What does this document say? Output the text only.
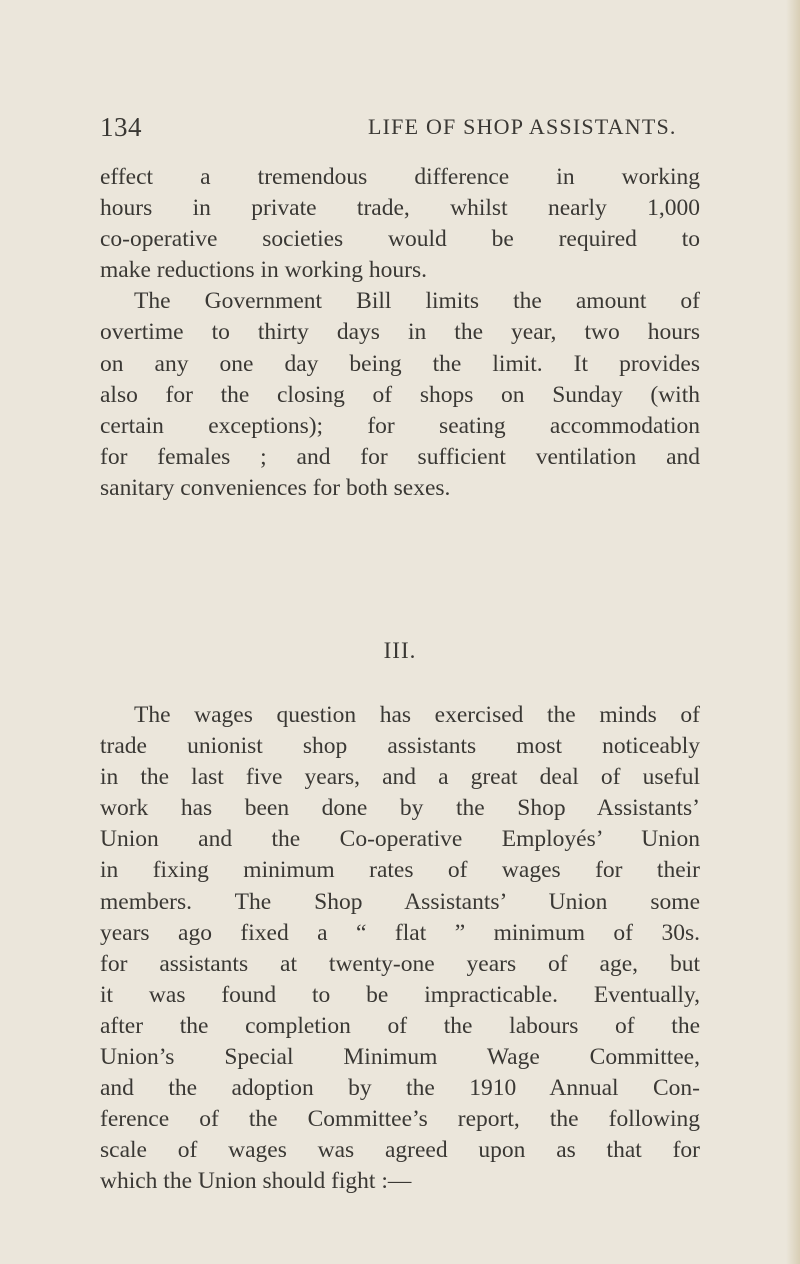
134	LIFE OF SHOP ASSISTANTS.
effect a tremendous difference in working
hours in private trade, whilst nearly 1,000
co-operative societies would be required to
make reductions in working hours.
The Government Bill limits the amount of
overtime to thirty days in the year, two hours
on any one day being the limit. It provides
also for the closing of shops on Sunday (with
certain exceptions); for seating accommodation
for females ; and for sufficient ventilation and
sanitary conveniences for both sexes.
III.
The wages question has exercised the minds of
trade unionist shop assistants most noticeably
in the last five years, and a great deal of useful
work has been done by the Shop Assistants’
Union and the Co-operative Employés’ Union
in fixing minimum rates of wages for their
members. The Shop Assistants’ Union some
years ago fixed a “ flat ” minimum of 30s.
for assistants at twenty-one years of age, but
it was found to be impracticable. Eventually,
after the completion of the labours of the
Union’s Special Minimum Wage Committee,
and the adoption by the 1910 Annual Con-
ference of the Committee’s report, the following
scale of wages was agreed upon as that for
which the Union should fight :—
